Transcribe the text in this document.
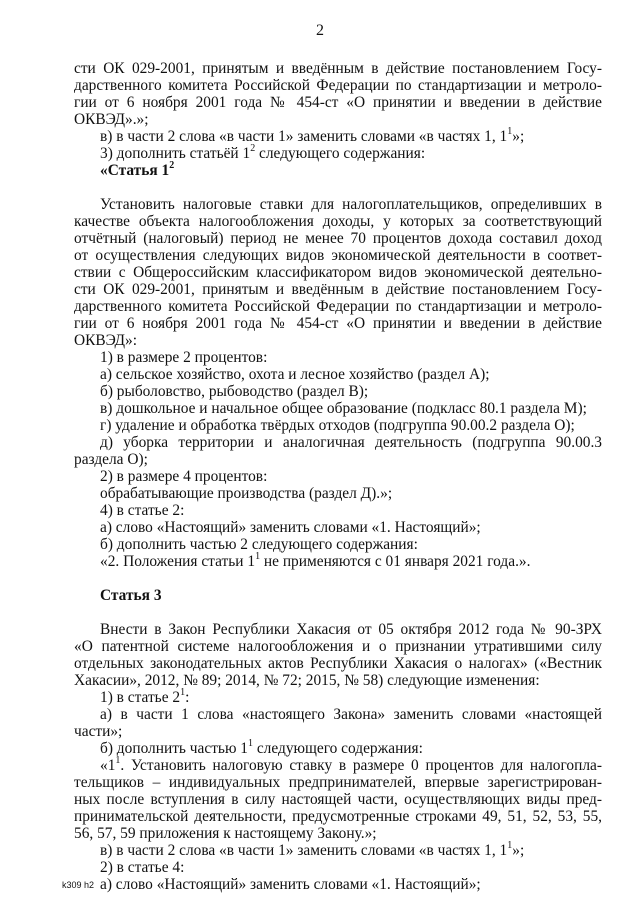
2
сти ОК 029-2001, принятым и введённым в действие постановлением Госу-
дарственного комитета Российской Федерации по стандартизации и метроло-
гии от 6 ноября 2001 года № 454-ст «О принятии и введении в действие
ОКВЭД».»;
в) в части 2 слова «в части 1» заменить словами «в частях 1, $1^1$»;
3) дополнить статьёй $1^2$ следующего содержания:
«Статья $1^2$
Установить налоговые ставки для налогоплательщиков, определивших в
качестве объекта налогообложения доходы, у которых за соответствующий
отчётный (налоговый) период не менее 70 процентов дохода составил доход
от осуществления следующих видов экономической деятельности в соответ-
ствии с Общероссийским классификатором видов экономической деятельно-
сти ОК 029-2001, принятым и введённым в действие постановлением Госу-
дарственного комитета Российской Федерации по стандартизации и метроло-
гии от 6 ноября 2001 года № 454-ст «О принятии и введении в действие
ОКВЭД»:
1) в размере 2 процентов:
а) сельское хозяйство, охота и лесное хозяйство (раздел А);
б) рыболовство, рыбоводство (раздел В);
в) дошкольное и начальное общее образование (подкласс 80.1 раздела М);
г) удаление и обработка твёрдых отходов (подгруппа 90.00.2 раздела О);
д) уборка территории и аналогичная деятельность (подгруппа 90.00.3
раздела О);
2) в размере 4 процентов:
обрабатывающие производства (раздел Д).»;
4) в статье 2:
а) слово «Настоящий» заменить словами «1. Настоящий»;
б) дополнить частью 2 следующего содержания:
«2. Положения статьи $1^1$ не применяются с 01 января 2021 года.».
Статья 3
Внести в Закон Республики Хакасия от 05 октября 2012 года № 90-ЗРХ
«О патентной системе налогообложения и о признании утратившими силу
отдельных законодательных актов Республики Хакасия о налогах» («Вестник
Хакасии», 2012, № 89; 2014, № 72; 2015, № 58) следующие изменения:
1) в статье $2^1$:
а) в части 1 слова «настоящего Закона» заменить словами «настоящей
части»;
б) дополнить частью $1^1$ следующего содержания:
«$1^1$. Установить налоговую ставку в размере 0 процентов для налогопла-
тельщиков – индивидуальных предпринимателей, впервые зарегистрирован-
ных после вступления в силу настоящей части, осуществляющих виды пред-
принимательской деятельности, предусмотренные строками 49, 51, 52, 53, 55,
56, 57, 59 приложения к настоящему Закону.»;
в) в части 2 слова «в части 1» заменить словами «в частях 1, $1^1$»;
2) в статье 4:
а) слово «Настоящий» заменить словами «1. Настоящий»;
k309 h2
